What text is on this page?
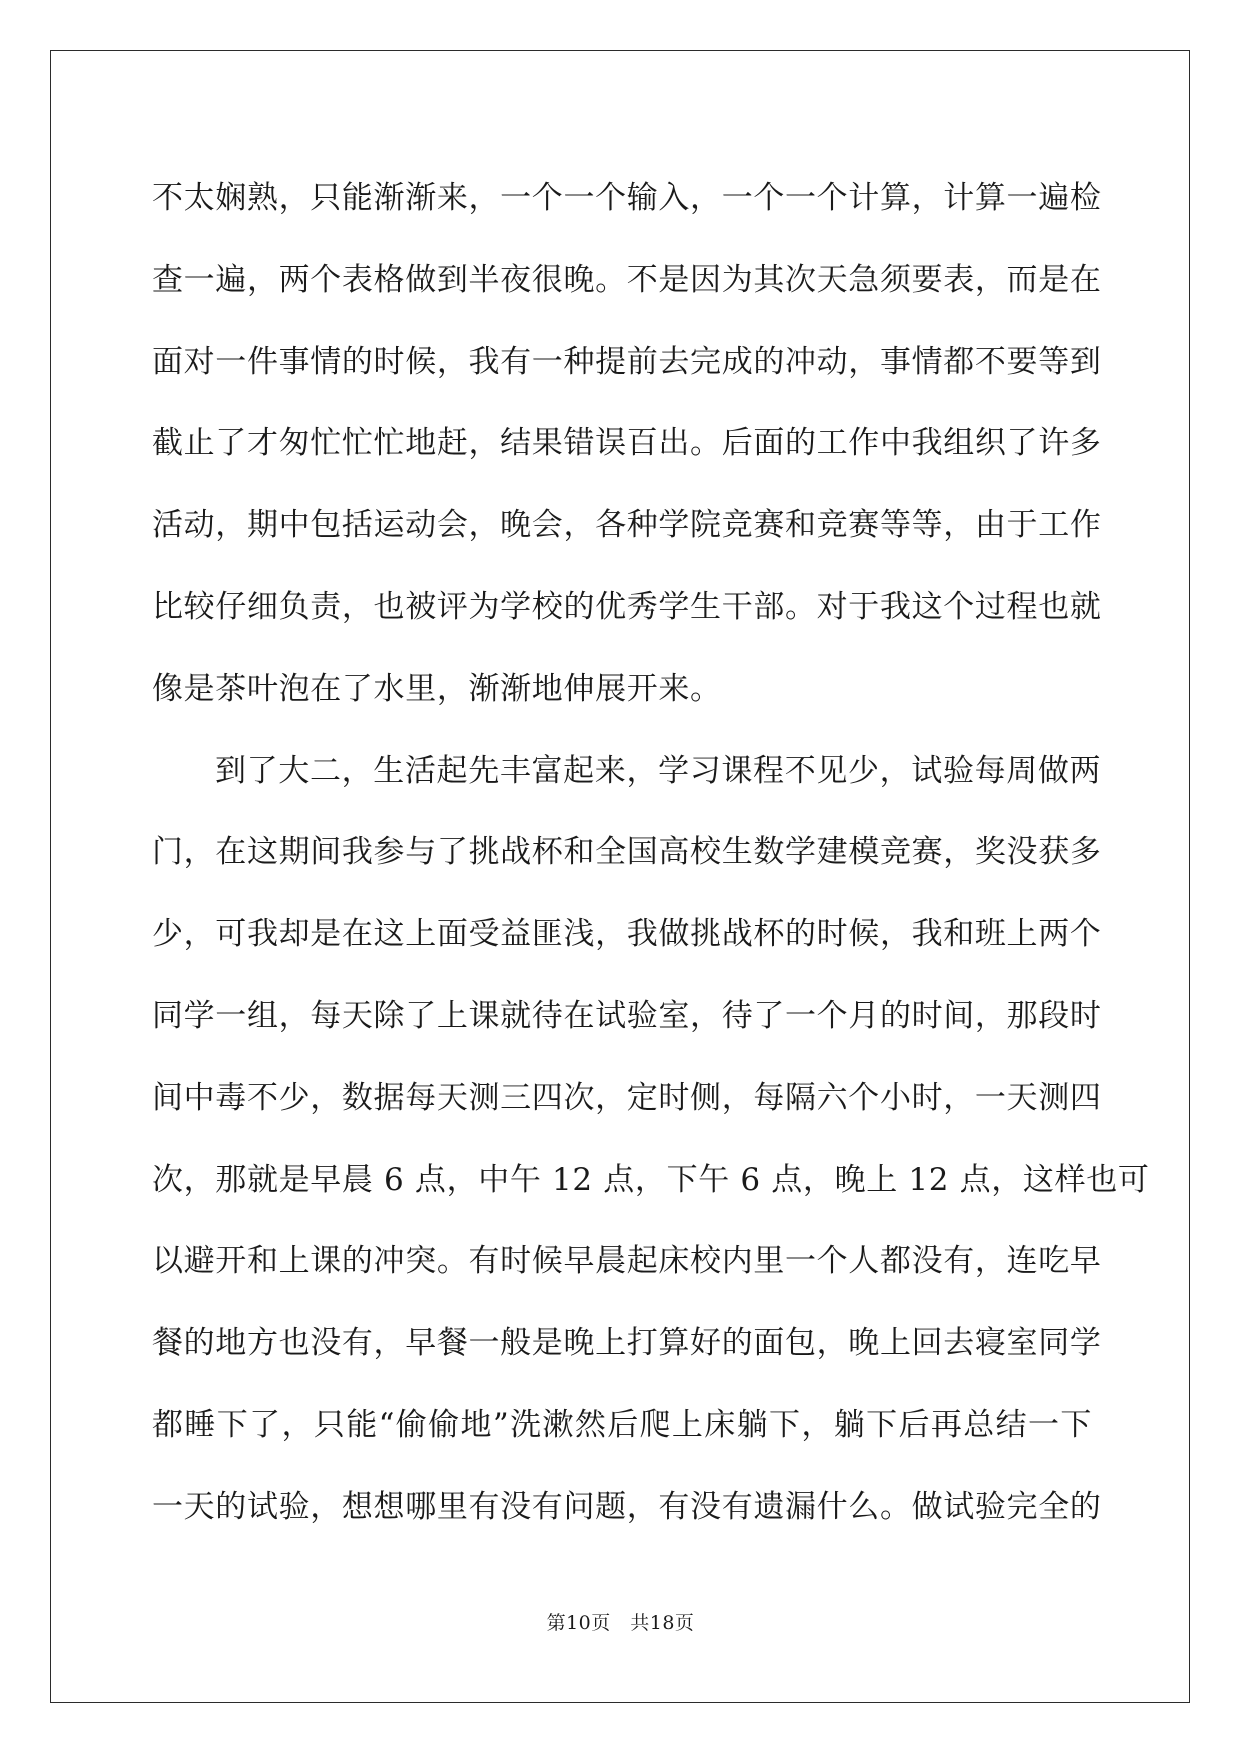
不太娴熟，只能渐渐来，一个一个输入，一个一个计算，计算一遍检
查一遍，两个表格做到半夜很晚。不是因为其次天急须要表，而是在
面对一件事情的时候，我有一种提前去完成的冲动，事情都不要等到
截止了才匆忙忙忙地赶，结果错误百出。后面的工作中我组织了许多
活动，期中包括运动会，晚会，各种学院竞赛和竞赛等等，由于工作
比较仔细负责，也被评为学校的优秀学生干部。对于我这个过程也就
像是茶叶泡在了水里，渐渐地伸展开来。
到了大二，生活起先丰富起来，学习课程不见少，试验每周做两
门，在这期间我参与了挑战杯和全国高校生数学建模竞赛，奖没获多
少，可我却是在这上面受益匪浅，我做挑战杯的时候，我和班上两个
同学一组，每天除了上课就待在试验室，待了一个月的时间，那段时
间中毒不少，数据每天测三四次，定时侧，每隔六个小时，一天测四
次，那就是早晨 6 点，中午 12 点，下午 6 点，晚上 12 点，这样也可
以避开和上课的冲突。有时候早晨起床校内里一个人都没有，连吃早
餐的地方也没有，早餐一般是晚上打算好的面包，晚上回去寝室同学
都睡下了，只能“偷偷地”洗漱然后爬上床躺下，躺下后再总结一下
一天的试验，想想哪里有没有问题，有没有遗漏什么。做试验完全的
第10页　共18页
